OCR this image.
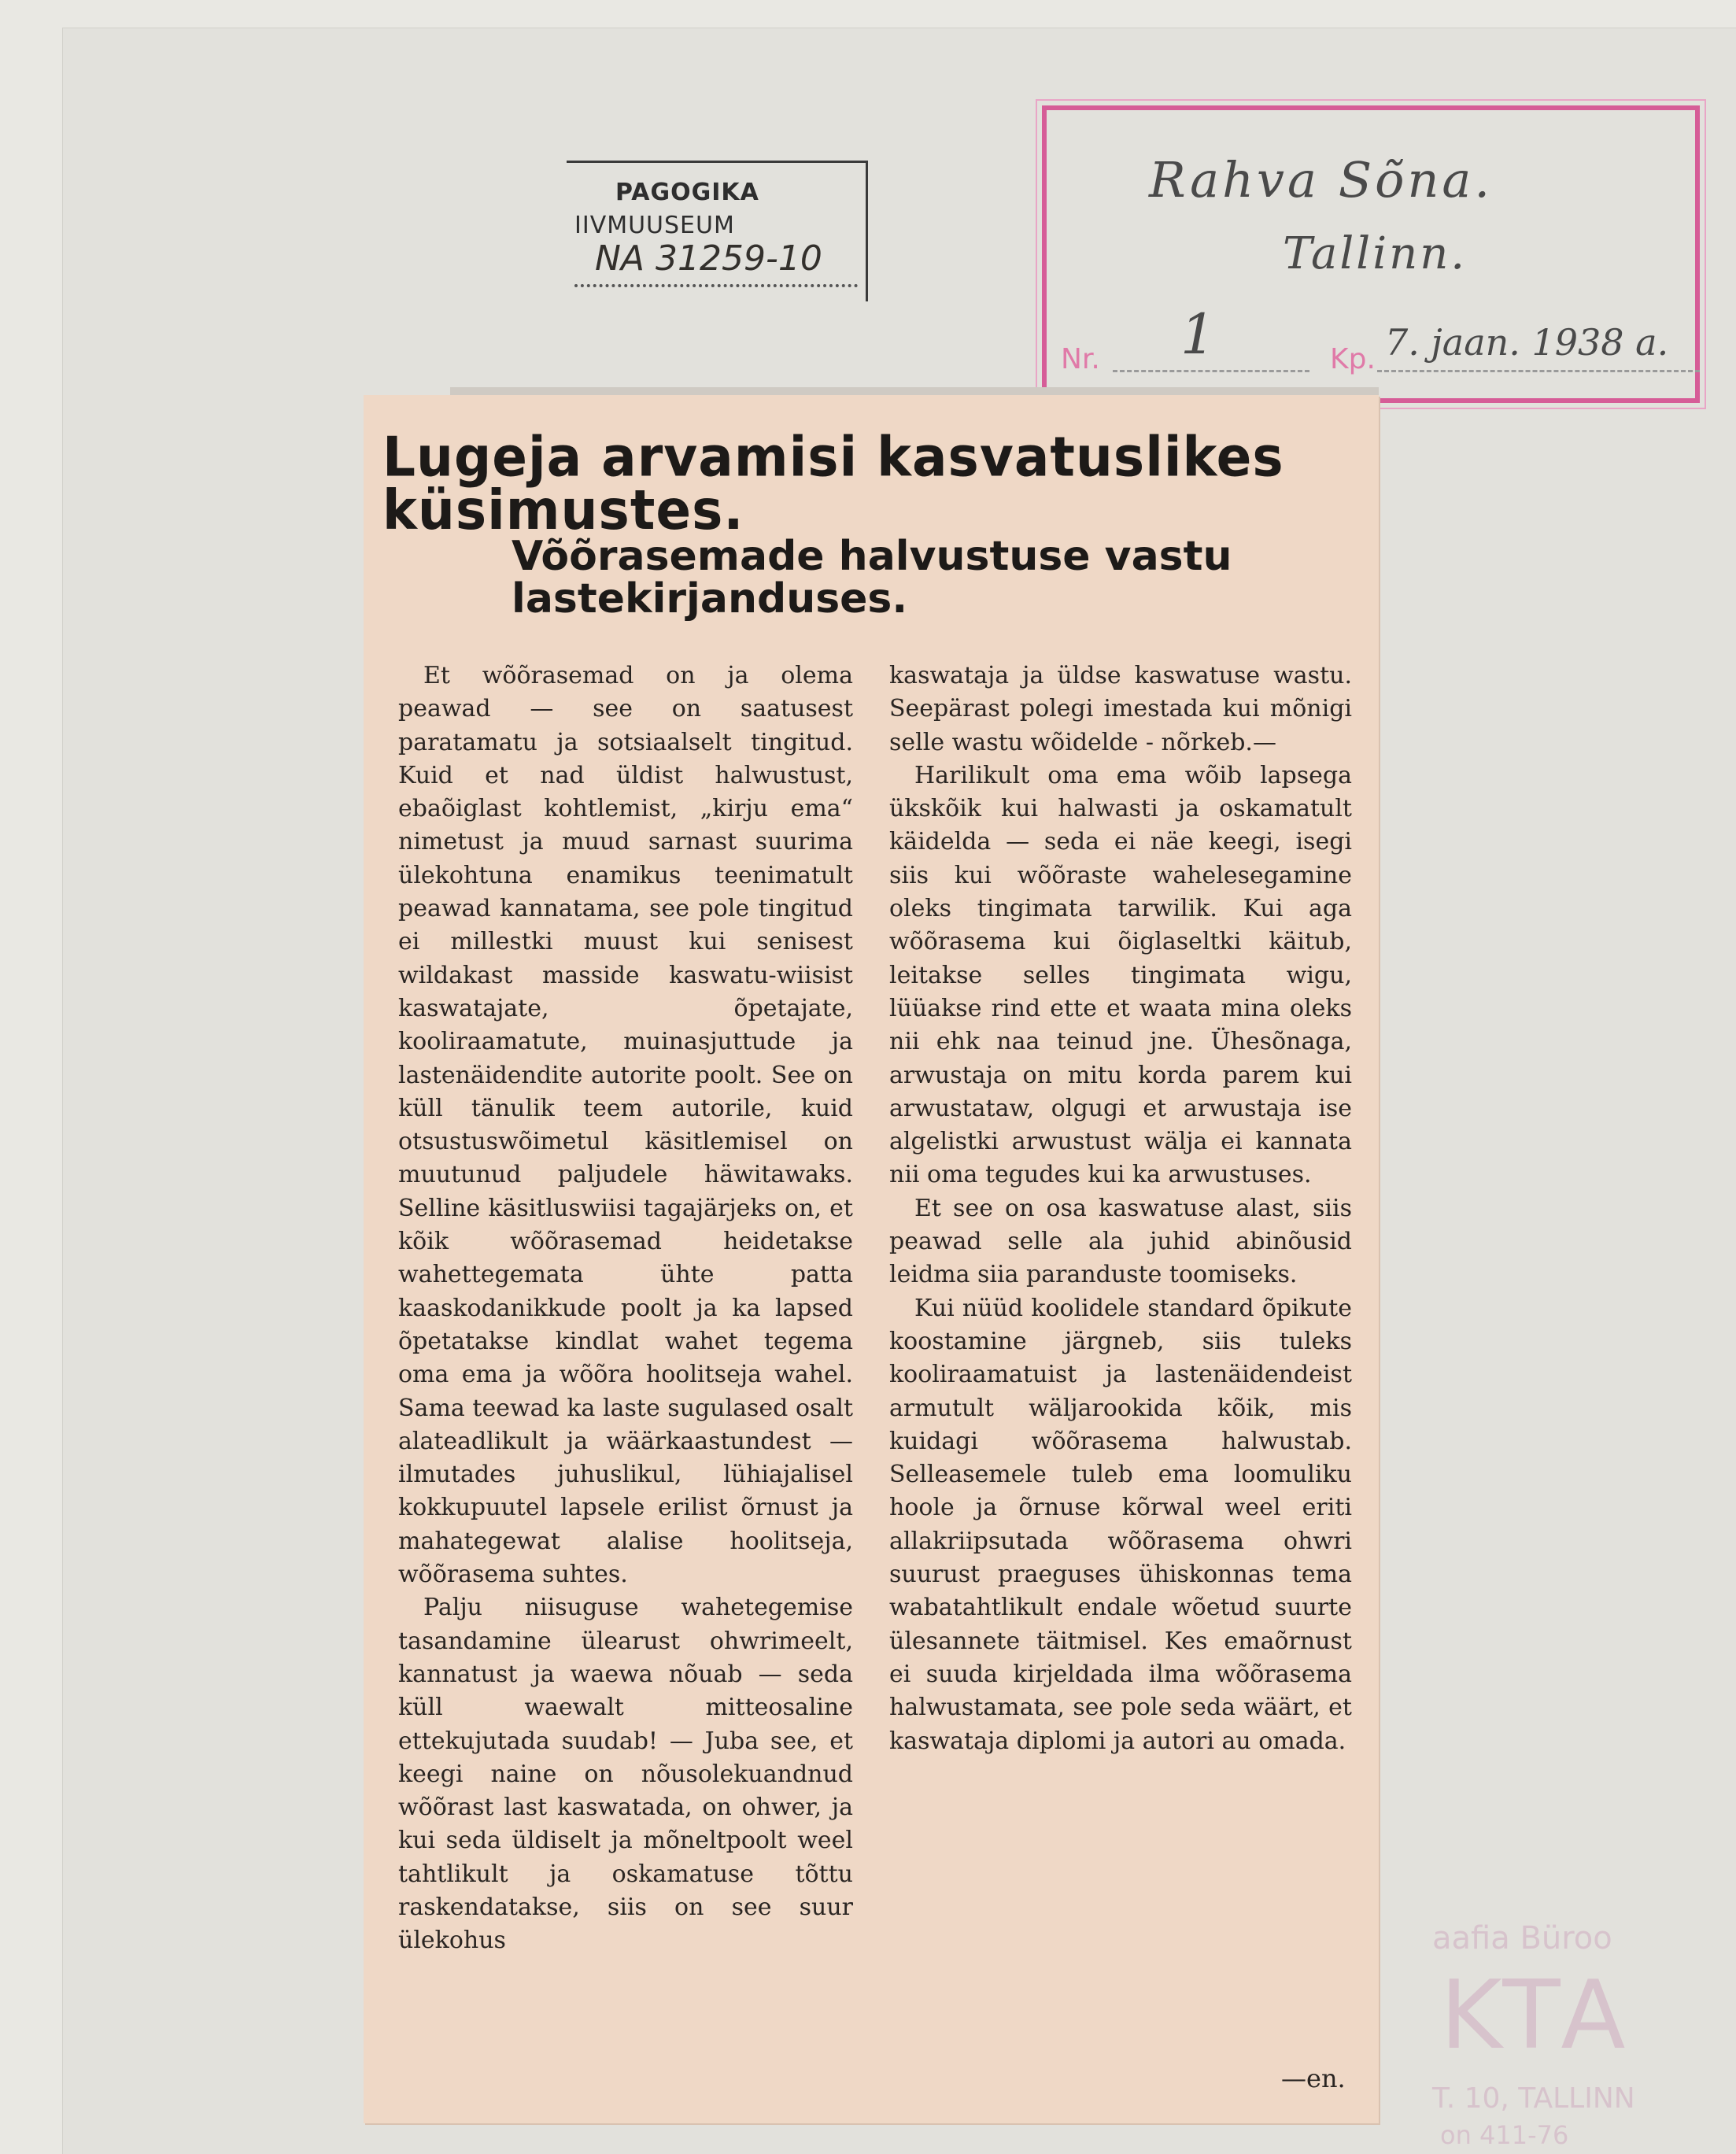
PAGOGIKA
IIVMUUSEUM
NA 31259-10
Rahva Sõna.
Tallinn.
Nr. 1	Kp. 7. jaan. 1938 a.
aafia Büroo
KTA
T. 10, TALLINN
on 411-76
Lugeja arvamisi kasvatuslikes küsimustes.
Võõrasemade halvustuse vastu lastekirjanduses.

Et wõõrasemad on ja olema peawad — see on saatusest paratamatu ja sotsiaalselt tingitud. Kuid et nad üldist halwustust, ebaõiglast kohtlemist, „kirju ema“ nimetust ja muud sarnast suurima ülekohtuna enamikus teenimatult peawad kannatama, see pole tingitud ei millestki muust kui senisest wildakast masside kaswatu-wiisist kaswatajate, õpetajate, kooliraamatute, muinasjuttude ja lastenäidendite autorite poolt. See on küll tänulik teem autorile, kuid otsustuswõimetul käsitlemisel on muutunud paljudele häwitawaks. Selline käsitluswiisi tagajärjeks on, et kõik wõõrasemad heidetakse wahettegemata ühte patta kaaskodanikkude poolt ja ka lapsed õpetatakse kindlat wahet tegema oma ema ja wõõra hoolitseja wahel. Sama teewad ka laste sugulased osalt alateadlikult ja wäärkaastundest — ilmutades juhuslikul, lühiajalisel kokkupuutel lapsele erilist õrnust ja mahategewat alalise hoolitseja, wõõrasema suhtes.

Palju niisuguse wahetegemise tasandamine ülearust ohwrimeelt, kannatust ja waewa nõuab — seda küll waewalt mitteosaline ettekujutada suudab! — Juba see, et keegi naine on nõusolekuandnud wõõrast last kaswatada, on ohwer, ja kui seda üldiselt ja mõneltpoolt weel tahtlikult ja oskamatuse tõttu raskendatakse, siis on see suur ülekohus

kaswataja ja üldse kaswatuse wastu. Seepärast polegi imestada kui mõnigi selle wastu wõidelde - nõrkeb.—

Harilikult oma ema wõib lapsega ükskõik kui halwasti ja oskamatult käidelda — seda ei näe keegi, isegi siis kui wõõraste wahelesegamine oleks tingimata tarwilik. Kui aga wõõrasema kui õiglaseltki käitub, leitakse selles tingimata wigu, lüüakse rind ette et waata mina oleks nii ehk naa teinud jne. Ühesõnaga, arwustaja on mitu korda parem kui arwustataw, olgugi et arwustaja ise algelistki arwustust wälja ei kannata nii oma tegudes kui ka arwustuses.

Et see on osa kaswatuse alast, siis peawad selle ala juhid abinõusid leidma siia paranduste toomiseks.

Kui nüüd koolidele standard õpikute koostamine järgneb, siis tuleks kooliraamatuist ja lastenäidendeist armutult wäljarookida kõik, mis kuidagi wõõrasema halwustab. Selleasemele tuleb ema loomuliku hoole ja õrnuse kõrwal weel eriti allakriipsutada wõõrasema ohwri suurust praeguses ühiskonnas tema wabatahtlikult endale wõetud suurte ülesannete täitmisel. Kes emaõrnust ei suuda kirjeldada ilma wõõrasema halwustamata, see pole seda wäärt, et kaswataja diplomi ja autori au omada.

—en.
